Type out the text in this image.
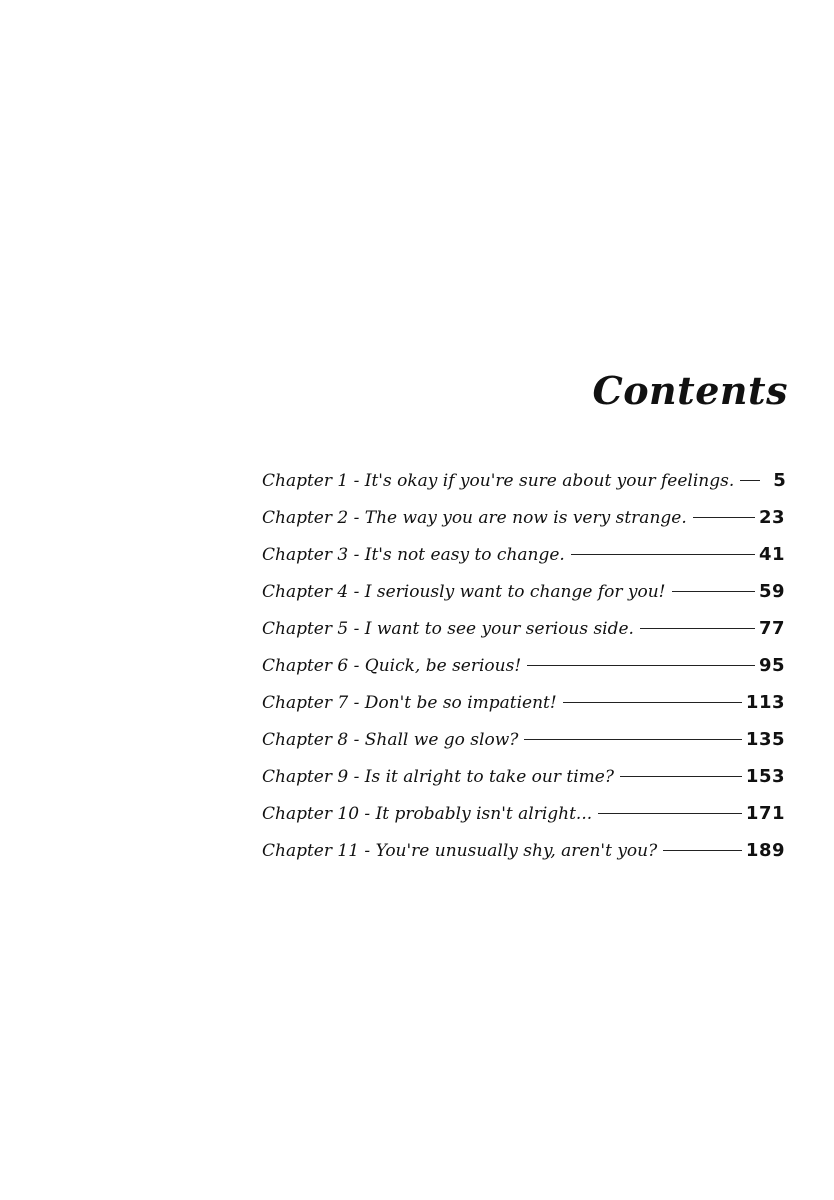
Contents
Chapter 1 - It's okay if you're sure about your feelings.	5
Chapter 2 - The way you are now is very strange.	23
Chapter 3 - It's not easy to change.	41
Chapter 4 - I seriously want to change for you!	59
Chapter 5 - I want to see your serious side.	77
Chapter 6 - Quick, be serious!	95
Chapter 7 - Don't be so impatient!	113
Chapter 8 - Shall we go slow?	135
Chapter 9 - Is it alright to take our time?	153
Chapter 10 - It probably isn't alright...	171
Chapter 11 - You're unusually shy, aren't you?	189
